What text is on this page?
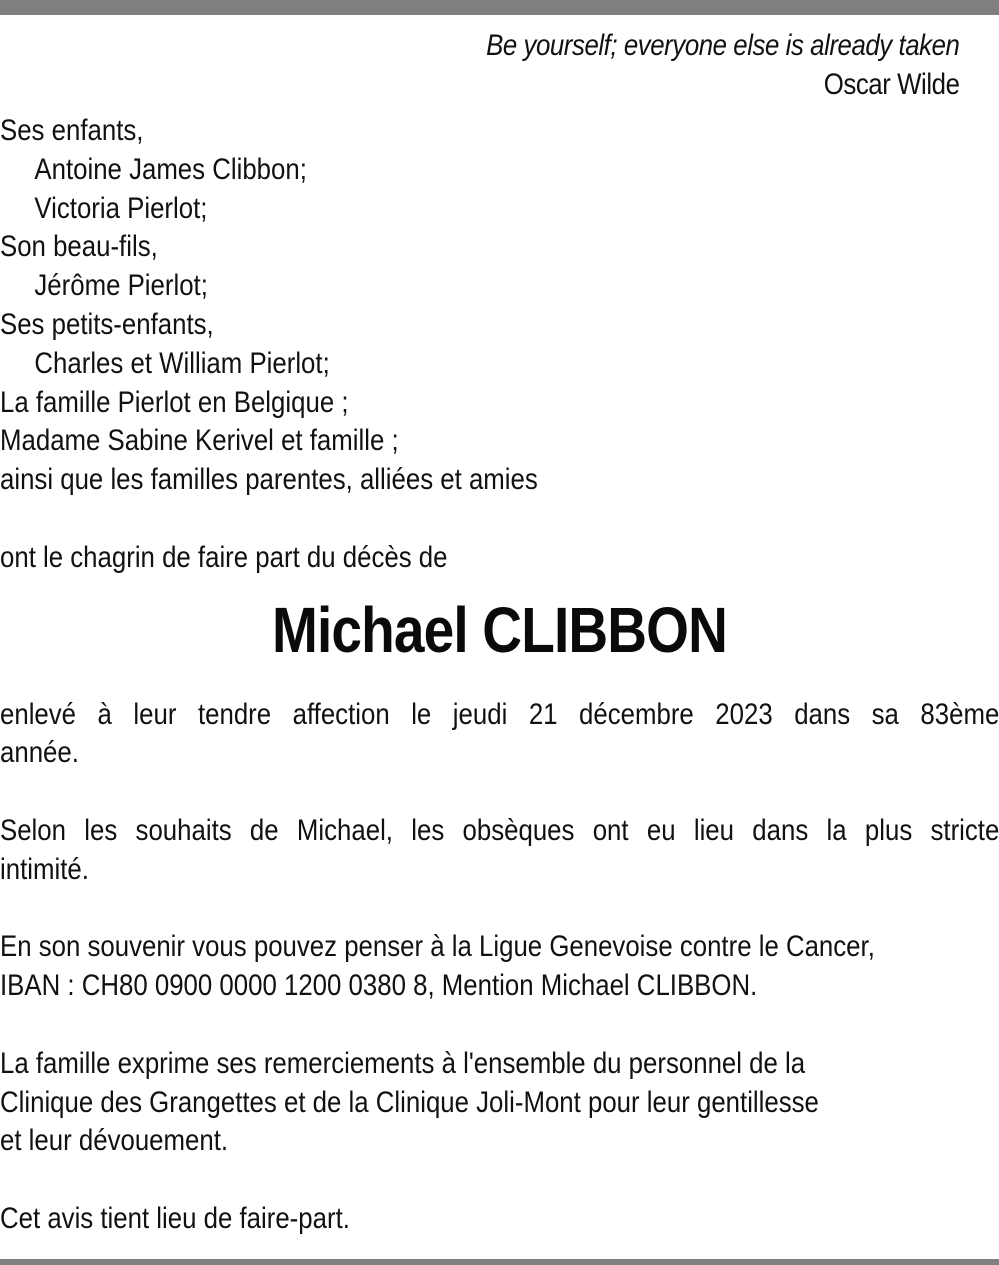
Be yourself; everyone else is already taken
Oscar Wilde
Ses enfants,
Antoine James Clibbon;
Victoria Pierlot;
Son beau-fils,
Jérôme Pierlot;
Ses petits-enfants,
Charles et William Pierlot;
La famille Pierlot en Belgique ;
Madame Sabine Kerivel et famille ;
ainsi que les familles parentes, alliées et amies
ont le chagrin de faire part du décès de
Michael CLIBBON
enlevé à leur tendre affection le jeudi 21 décembre 2023 dans sa 83ème
année.
Selon les souhaits de Michael, les obsèques ont eu lieu dans la plus stricte
intimité.
En son souvenir vous pouvez penser à la Ligue Genevoise contre le Cancer,
IBAN : CH80 0900 0000 1200 0380 8, Mention Michael CLIBBON.
La famille exprime ses remerciements à l'ensemble du personnel de la
Clinique des Grangettes et de la Clinique Joli-Mont pour leur gentillesse
et leur dévouement.
Cet avis tient lieu de faire-part.
